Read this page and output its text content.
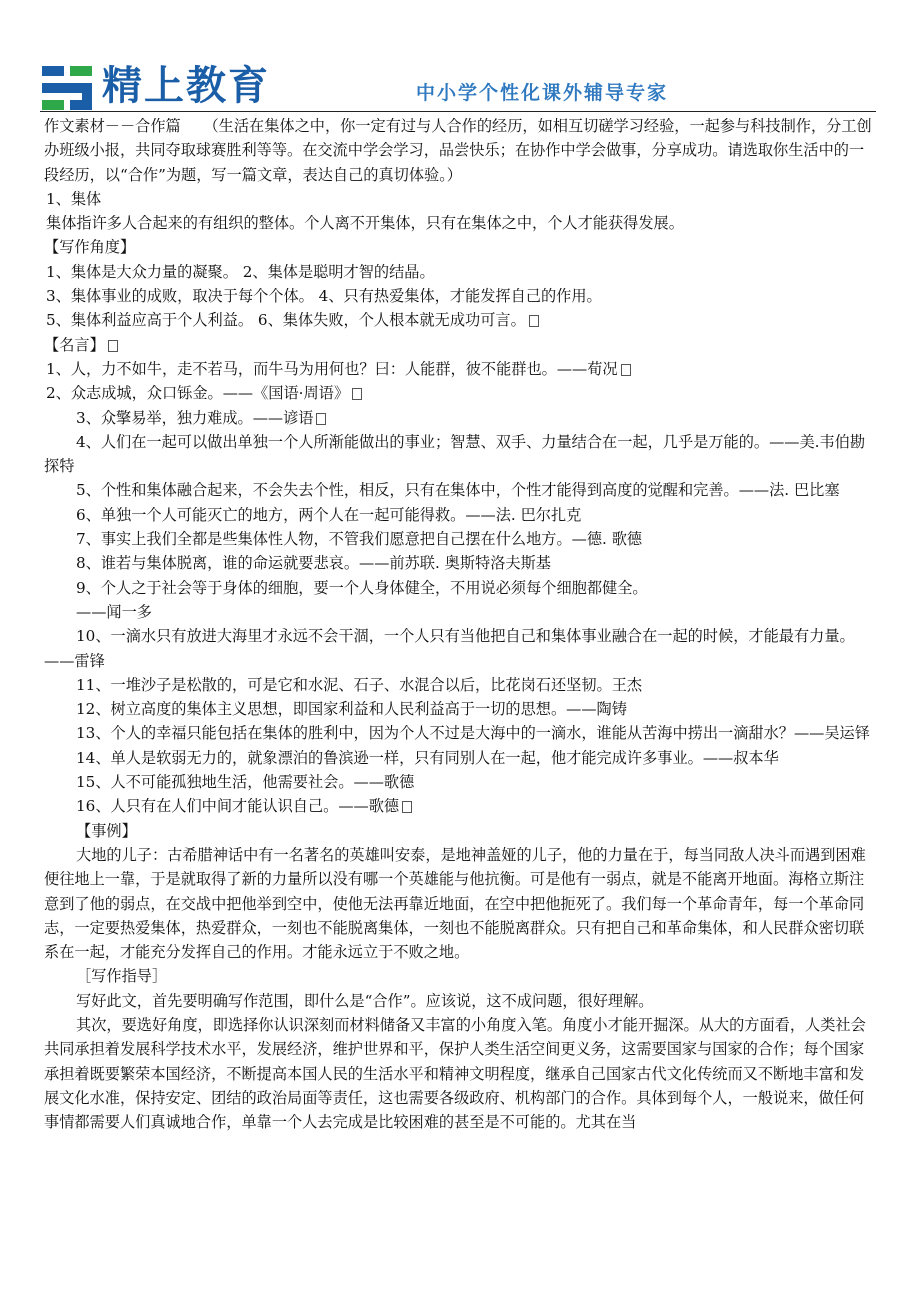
精上教育	中小学个性化课外辅导专家

作文素材－－合作篇　　（生活在集体之中，你一定有过与人合作的经历，如相互切磋学习经验，一起参与科技制作，分工创办班级小报，共同夺取球赛胜利等等。在交流中学会学习，品尝快乐；在协作中学会做事，分享成功。请选取你生活中的一段经历，以“合作”为题，写一篇文章，表达自己的真切体验。）

1、集体

集体指许多人合起来的有组织的整体。个人离不开集体，只有在集体之中，个人才能获得发展。

【写作角度】

1、集体是大众力量的凝聚。 2、集体是聪明才智的结晶。

3、集体事业的成败，取决于每个个体。 4、只有热爱集体，才能发挥自己的作用。

5、集体利益应高于个人利益。 6、集体失败，个人根本就无成功可言。

【名言】

1、人，力不如牛，走不若马，而牛马为用何也？曰：人能群，彼不能群也。——荀况

2、众志成城，众口铄金。——《国语·周语》

3、众擎易举，独力难成。——谚语

4、人们在一起可以做出单独一个人所渐能做出的事业；智慧、双手、力量结合在一起，几乎是万能的。——美.韦伯勘探特

5、个性和集体融合起来，不会失去个性，相反，只有在集体中，个性才能得到高度的觉醒和完善。——法. 巴比塞

6、单独一个人可能灭亡的地方，两个人在一起可能得救。——法. 巴尔扎克

7、事实上我们全都是些集体性人物，不管我们愿意把自己摆在什么地方。—德. 歌德

8、谁若与集体脱离，谁的命运就要悲哀。——前苏联. 奥斯特洛夫斯基

9、个人之于社会等于身体的细胞，要一个人身体健全，不用说必须每个细胞都健全。

——闻一多

10、一滴水只有放进大海里才永远不会干涸，一个人只有当他把自己和集体事业融合在一起的时候，才能最有力量。——雷锋

11、一堆沙子是松散的，可是它和水泥、石子、水混合以后，比花岗石还坚韧。王杰

12、树立高度的集体主义思想，即国家利益和人民利益高于一切的思想。——陶铸

13、个人的幸福只能包括在集体的胜利中，因为个人不过是大海中的一滴水，谁能从苦海中捞出一滴甜水？——吴运铎

14、单人是软弱无力的，就象漂泊的鲁滨逊一样，只有同别人在一起，他才能完成许多事业。——叔本华

15、人不可能孤独地生活，他需要社会。——歌德

16、人只有在人们中间才能认识自己。——歌德

【事例】

大地的儿子：古希腊神话中有一名著名的英雄叫安泰，是地神盖娅的儿子，他的力量在于，每当同敌人决斗而遇到困难便往地上一靠，于是就取得了新的力量所以没有哪一个英雄能与他抗衡。可是他有一弱点，就是不能离开地面。海格立斯注意到了他的弱点，在交战中把他举到空中，使他无法再靠近地面，在空中把他扼死了。我们每一个革命青年，每一个革命同志，一定要热爱集体，热爱群众，一刻也不能脱离集体，一刻也不能脱离群众。只有把自己和革命集体，和人民群众密切联系在一起，才能充分发挥自己的作用。才能永远立于不败之地。

［写作指导］

写好此文，首先要明确写作范围，即什么是“合作”。应该说，这不成问题，很好理解。

其次，要选好角度，即选择你认识深刻而材料储备又丰富的小角度入笔。角度小才能开掘深。从大的方面看，人类社会共同承担着发展科学技术水平，发展经济，维护世界和平，保护人类生活空间更义务，这需要国家与国家的合作；每个国家承担着既要繁荣本国经济，不断提高本国人民的生活水平和精神文明程度，继承自己国家古代文化传统而又不断地丰富和发展文化水准，保持安定、团结的政治局面等责任，这也需要各级政府、机构部门的合作。具体到每个人，一般说来，做任何事情都需要人们真诚地合作，单靠一个人去完成是比较困难的甚至是不可能的。尤其在当
